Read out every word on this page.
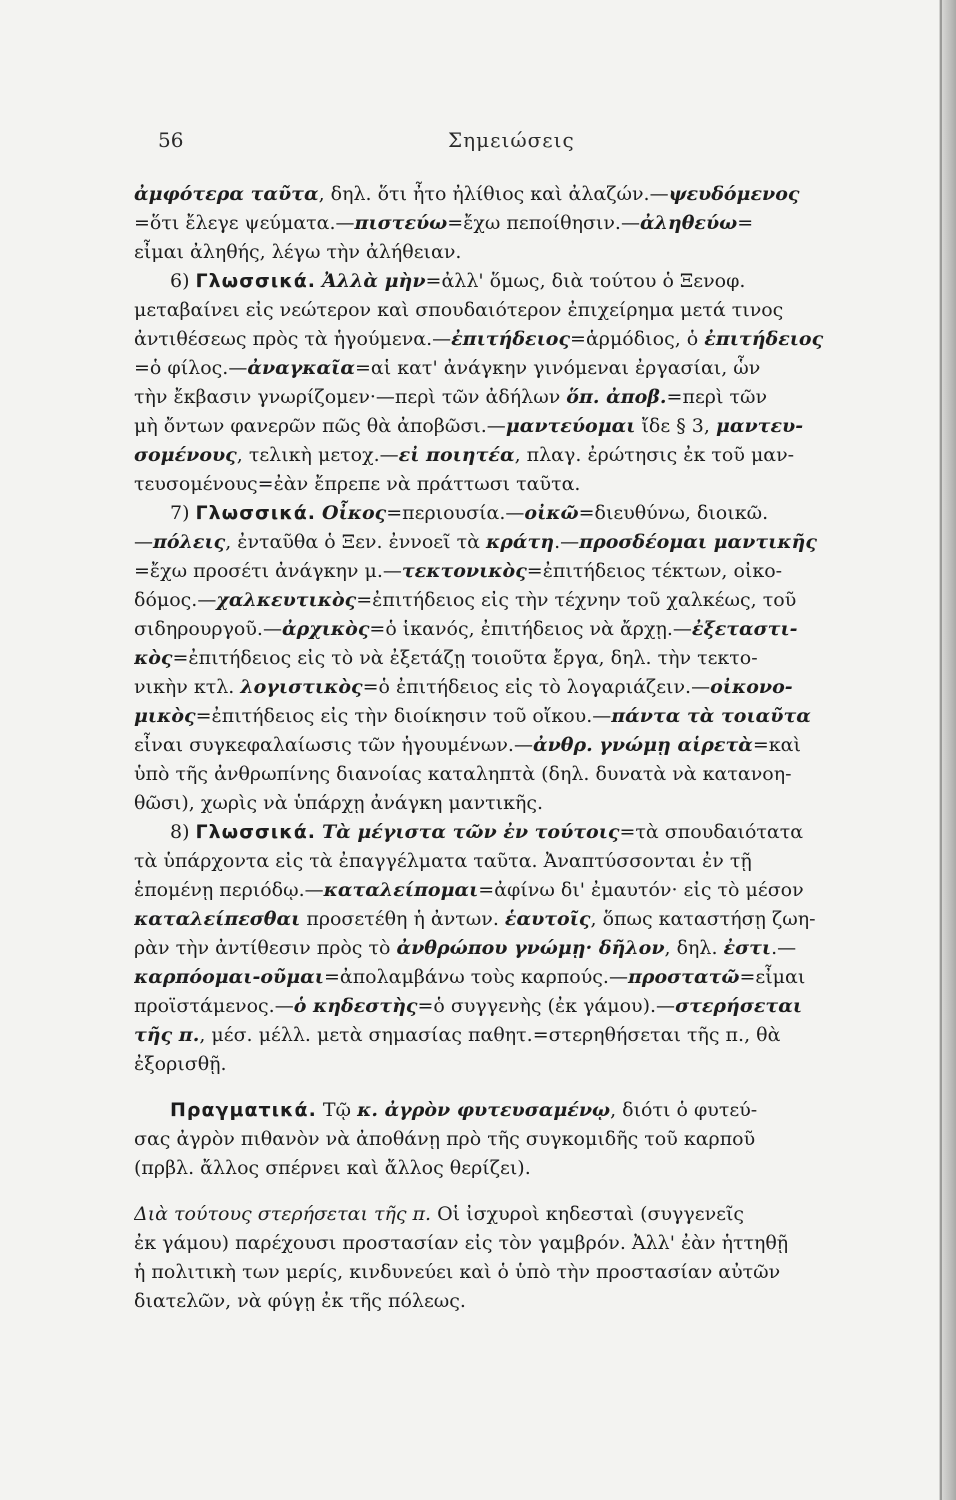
56	Σημειώσεις
ἀμφότερα ταῦτα, δηλ. ὅτι ἦτο ἠλίθιος καὶ ἀλαζών.—ψευδόμενος
=ὅτι ἔλεγε ψεύματα.—πιστεύω=ἔχω πεποίθησιν.—ἀληθεύω=
εἶμαι ἀληθής, λέγω τὴν ἀλήθειαν.
6) Γλωσσικά. Ἀλλὰ μὴν=ἀλλ' ὅμως, διὰ τούτου ὁ Ξενοφ.
μεταβαίνει εἰς νεώτερον καὶ σπουδαιότερον ἐπιχείρημα μετά τινος
ἀντιθέσεως πρὸς τὰ ἡγούμενα.—ἐπιτήδειος=ἁρμόδιος, ὁ ἐπιτήδειος
=ὁ φίλος.—ἀναγκαῖα=αἱ κατ' ἀνάγκην γινόμεναι ἐργασίαι, ὧν
τὴν ἔκβασιν γνωρίζομεν·—περὶ τῶν ἀδήλων ὅπ. ἀποβ.=περὶ τῶν
μὴ ὄντων φανερῶν πῶς θὰ ἀποβῶσι.—μαντεύομαι ἴδε § 3, μαντευ-
σομένους, τελικὴ μετοχ.—εἰ ποιητέα, πλαγ. ἐρώτησις ἐκ τοῦ μαν-
τευσομένους=ἐὰν ἔπρεπε νὰ πράττωσι ταῦτα.
7) Γλωσσικά. Οἶκος=περιουσία.—οἰκῶ=διευθύνω, διοικῶ.
—πόλεις, ἐνταῦθα ὁ Ξεν. ἐννοεῖ τὰ κράτη.—προσδέομαι μαντικῆς
=ἔχω προσέτι ἀνάγκην μ.—τεκτονικὸς=ἐπιτήδειος τέκτων, οἰκο-
δόμος.—χαλκευτικὸς=ἐπιτήδειος εἰς τὴν τέχνην τοῦ χαλκέως, τοῦ
σιδηρουργοῦ.—ἀρχικὸς=ὁ ἱκανός, ἐπιτήδειος νὰ ἄρχῃ.—ἐξεταστι-
κὸς=ἐπιτήδειος εἰς τὸ νὰ ἐξετάζῃ τοιοῦτα ἔργα, δηλ. τὴν τεκτο-
νικὴν κτλ. λογιστικὸς=ὁ ἐπιτήδειος εἰς τὸ λογαριάζειν.—οἰκονο-
μικὸς=ἐπιτήδειος εἰς τὴν διοίκησιν τοῦ οἴκου.—πάντα τὰ τοιαῦτα
εἶναι συγκεφαλαίωσις τῶν ἡγουμένων.—ἀνθρ. γνώμῃ αἱρετὰ=καὶ
ὑπὸ τῆς ἀνθρωπίνης διανοίας καταληπτὰ (δηλ. δυνατὰ νὰ κατανοη-
θῶσι), χωρὶς νὰ ὑπάρχῃ ἀνάγκη μαντικῆς.
8) Γλωσσικά. Τὰ μέγιστα τῶν ἐν τούτοις=τὰ σπουδαιότατα
τὰ ὑπάρχοντα εἰς τὰ ἐπαγγέλματα ταῦτα. Ἀναπτύσσονται ἐν τῇ
ἑπομένῃ περιόδῳ.—καταλείπομαι=ἀφίνω δι' ἐμαυτόν· εἰς τὸ μέσον
καταλείπεσθαι προσετέθη ἡ ἀντων. ἑαυτοῖς, ὅπως καταστήσῃ ζωη-
ρὰν τὴν ἀντίθεσιν πρὸς τὸ ἀνθρώπου γνώμῃ· δῆλον, δηλ. ἐστι.—
καρπόομαι-οῦμαι=ἀπολαμβάνω τοὺς καρπούς.—προστατῶ=εἶμαι
προϊστάμενος.—ὁ κηδεστὴς=ὁ συγγενὴς (ἐκ γάμου).—στερήσεται
τῆς π., μέσ. μέλλ. μετὰ σημασίας παθητ.=στερηθήσεται τῆς π., θὰ
ἐξορισθῇ.
Πραγματικά. Τῷ κ. ἀγρὸν φυτευσαμένῳ, διότι ὁ φυτεύ-
σας ἀγρὸν πιθανὸν νὰ ἀποθάνῃ πρὸ τῆς συγκομιδῆς τοῦ καρποῦ
(πρβλ. ἄλλος σπέρνει καὶ ἄλλος θερίζει).
Διὰ τούτους στερήσεται τῆς π. Οἱ ἰσχυροὶ κηδεσταὶ (συγγενεῖς
ἐκ γάμου) παρέχουσι προστασίαν εἰς τὸν γαμβρόν. Ἀλλ' ἐὰν ἡττηθῇ
ἡ πολιτικὴ των μερίς, κινδυνεύει καὶ ὁ ὑπὸ τὴν προστασίαν αὐτῶν
διατελῶν, νὰ φύγῃ ἐκ τῆς πόλεως.
